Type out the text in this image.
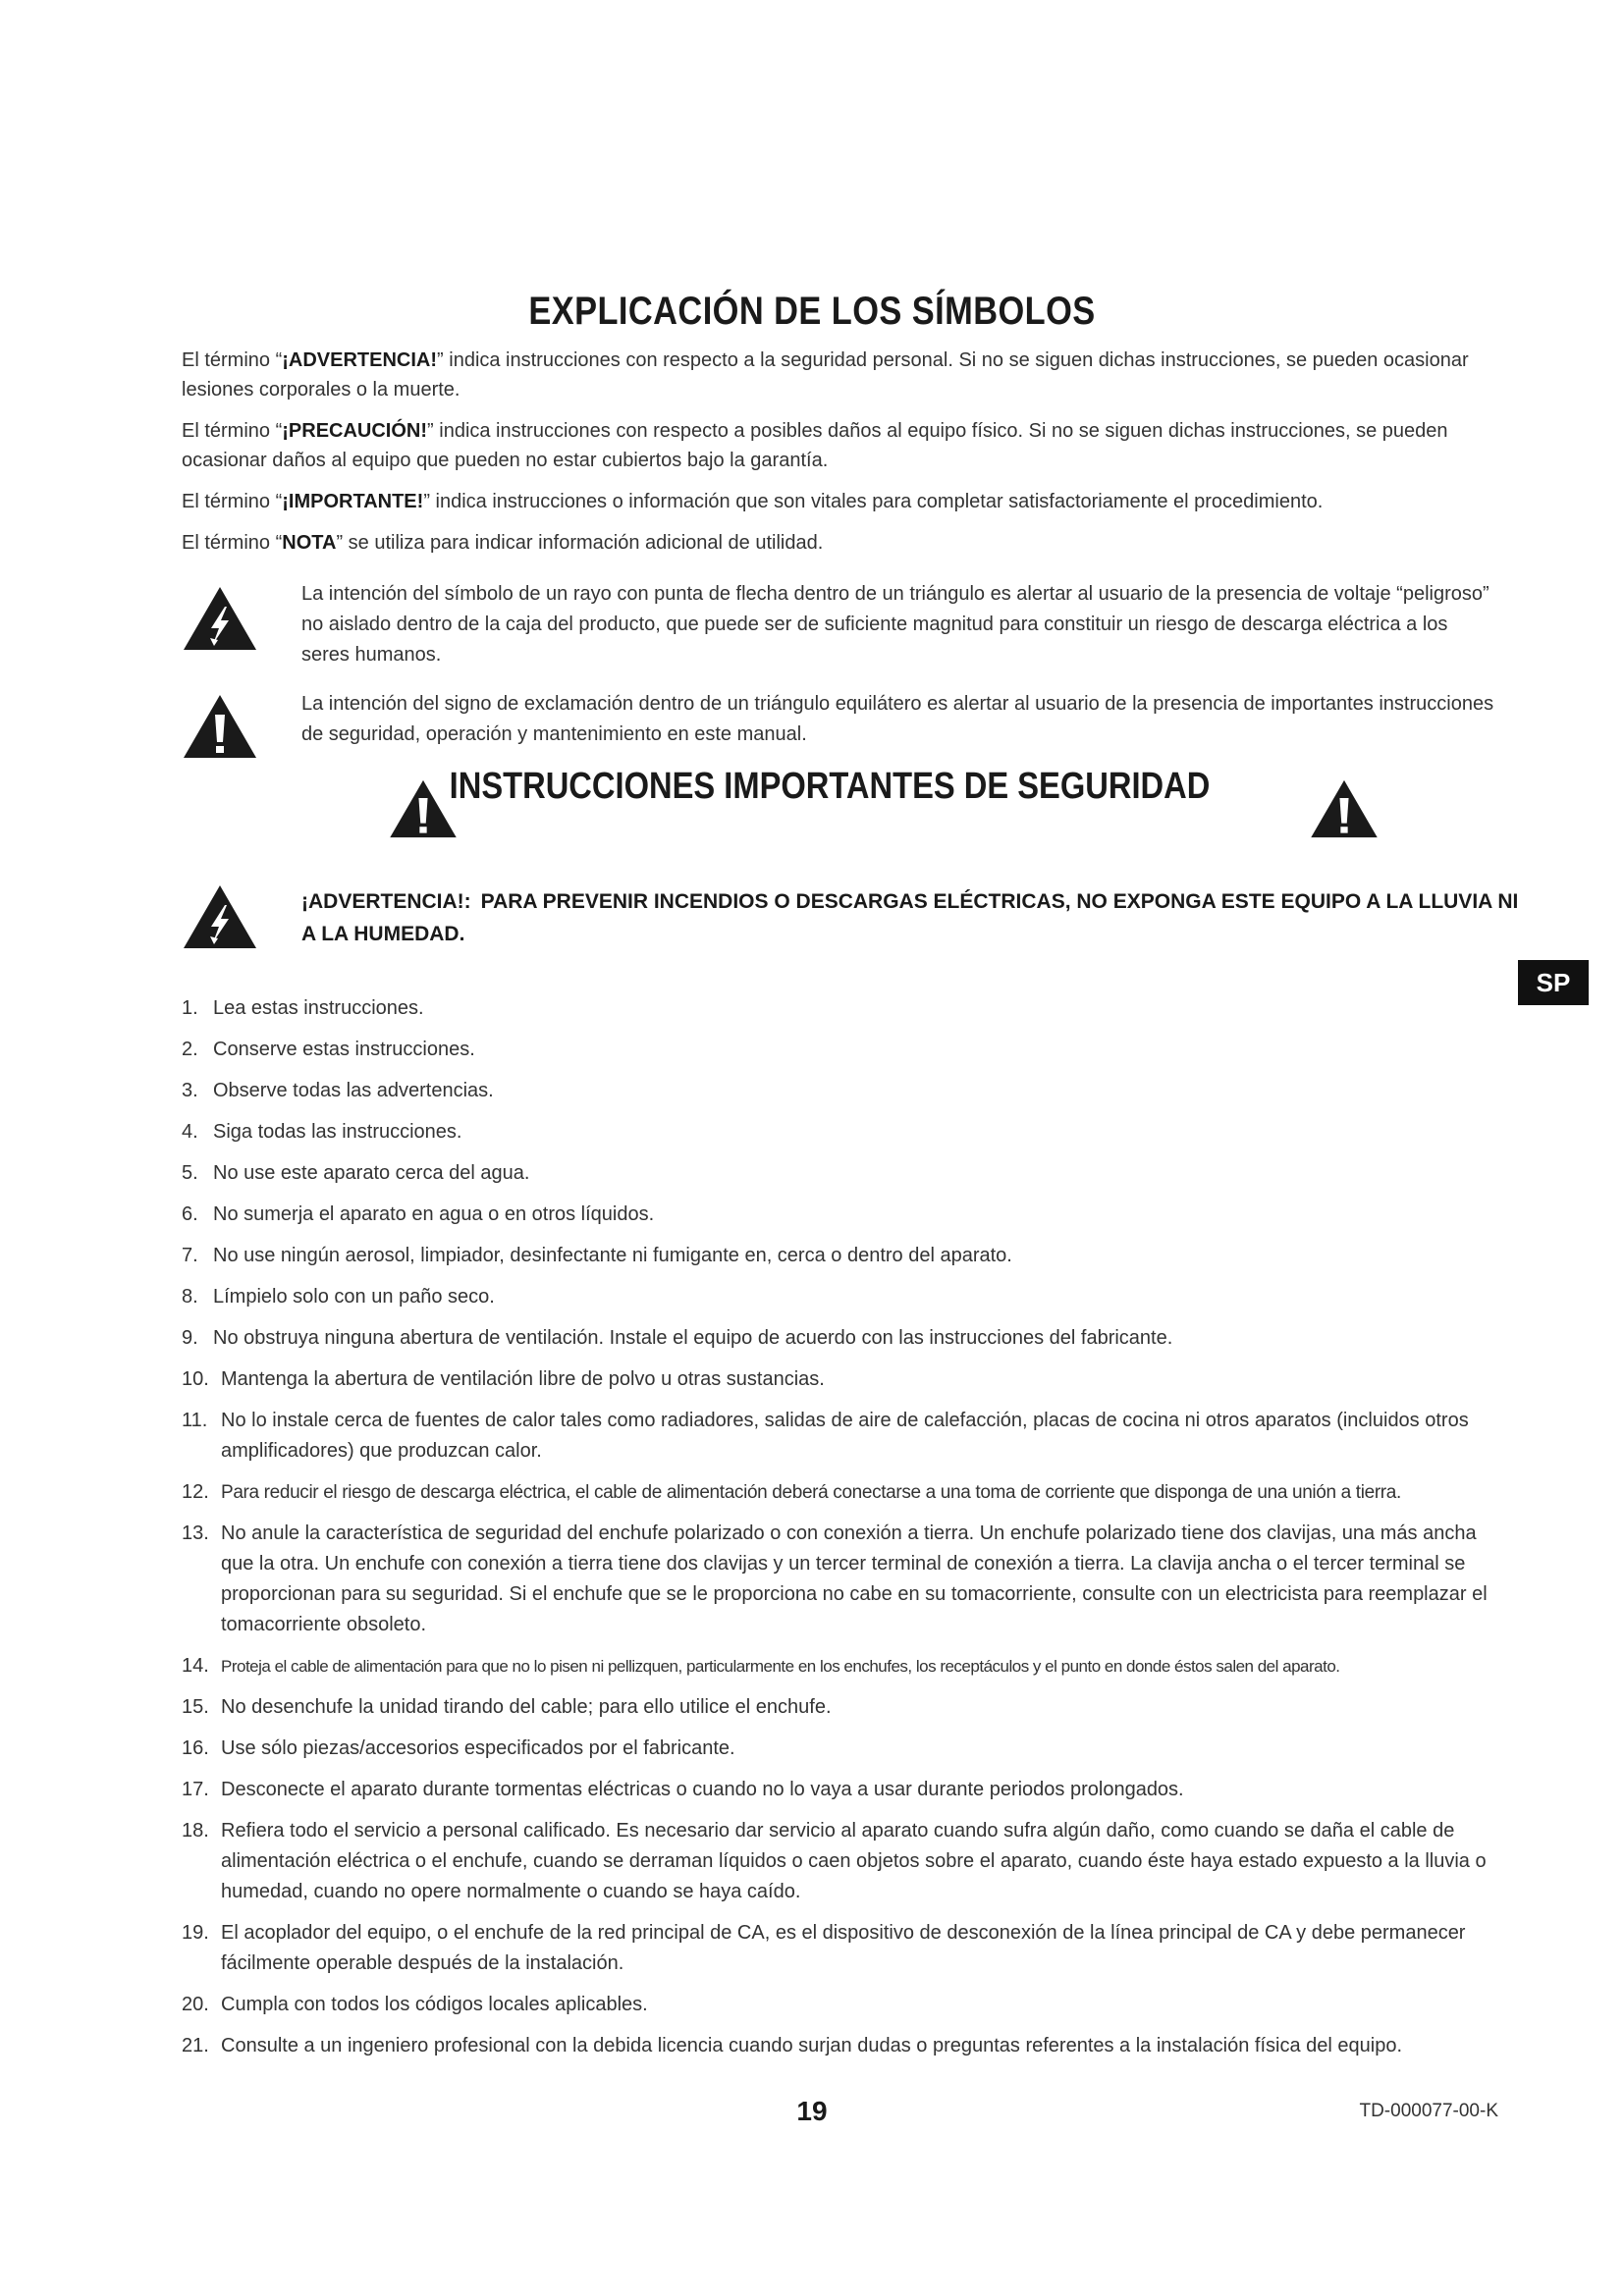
EXPLICACIÓN DE LOS SÍMBOLOS
El término “¡ADVERTENCIA!” indica instrucciones con respecto a la seguridad personal. Si no se siguen dichas instrucciones, se pueden ocasionar lesiones corporales o la muerte.
El término “¡PRECAUCIÓN!” indica instrucciones con respecto a posibles daños al equipo físico. Si no se siguen dichas instrucciones, se pueden ocasionar daños al equipo que pueden no estar cubiertos bajo la garantía.
El término “¡IMPORTANTE!” indica instrucciones o información que son vitales para completar satisfactoriamente el procedimiento.
El término “NOTA” se utiliza para indicar información adicional de utilidad.
La intención del símbolo de un rayo con punta de flecha dentro de un triángulo es alertar al usuario de la presencia de voltaje “peligroso” no aislado dentro de la caja del producto, que puede ser de suficiente magnitud para constituir un riesgo de descarga eléctrica a los seres humanos.
La intención del signo de exclamación dentro de un triángulo equilátero es alertar al usuario de la presencia de importantes instrucciones de seguridad, operación y mantenimiento en este manual.
INSTRUCCIONES IMPORTANTES DE SEGURIDAD
¡ADVERTENCIA!: PARA PREVENIR INCENDIOS O DESCARGAS ELÉCTRICAS, NO EXPONGA ESTE EQUIPO A LA LLUVIA NI A LA HUMEDAD.
SP
1. Lea estas instrucciones.
2. Conserve estas instrucciones.
3. Observe todas las advertencias.
4. Siga todas las instrucciones.
5. No use este aparato cerca del agua.
6. No sumerja el aparato en agua o en otros líquidos.
7. No use ningún aerosol, limpiador, desinfectante ni fumigante en, cerca o dentro del aparato.
8. Límpielo solo con un paño seco.
9. No obstruya ninguna abertura de ventilación. Instale el equipo de acuerdo con las instrucciones del fabricante.
10. Mantenga la abertura de ventilación libre de polvo u otras sustancias.
11. No lo instale cerca de fuentes de calor tales como radiadores, salidas de aire de calefacción, placas de cocina ni otros aparatos (incluidos otros amplificadores) que produzcan calor.
12. Para reducir el riesgo de descarga eléctrica, el cable de alimentación deberá conectarse a una toma de corriente que disponga de una unión a tierra.
13. No anule la característica de seguridad del enchufe polarizado o con conexión a tierra. Un enchufe polarizado tiene dos clavijas, una más ancha que la otra. Un enchufe con conexión a tierra tiene dos clavijas y un tercer terminal de conexión a tierra. La clavija ancha o el tercer terminal se proporcionan para su seguridad. Si el enchufe que se le proporciona no cabe en su tomacorriente, consulte con un electricista para reemplazar el tomacorriente obsoleto.
14. Proteja el cable de alimentación para que no lo pisen ni pellizquen, particularmente en los enchufes, los receptáculos y el punto en donde éstos salen del aparato.
15. No desenchufe la unidad tirando del cable; para ello utilice el enchufe.
16. Use sólo piezas/accesorios especificados por el fabricante.
17. Desconecte el aparato durante tormentas eléctricas o cuando no lo vaya a usar durante periodos prolongados.
18. Refiera todo el servicio a personal calificado. Es necesario dar servicio al aparato cuando sufra algún daño, como cuando se daña el cable de alimentación eléctrica o el enchufe, cuando se derraman líquidos o caen objetos sobre el aparato, cuando éste haya estado expuesto a la lluvia o humedad, cuando no opere normalmente o cuando se haya caído.
19. El acoplador del equipo, o el enchufe de la red principal de CA, es el dispositivo de desconexión de la línea principal de CA y debe permanecer fácilmente operable después de la instalación.
20. Cumpla con todos los códigos locales aplicables.
21. Consulte a un ingeniero profesional con la debida licencia cuando surjan dudas o preguntas referentes a la instalación física del equipo.
19	TD-000077-00-K
